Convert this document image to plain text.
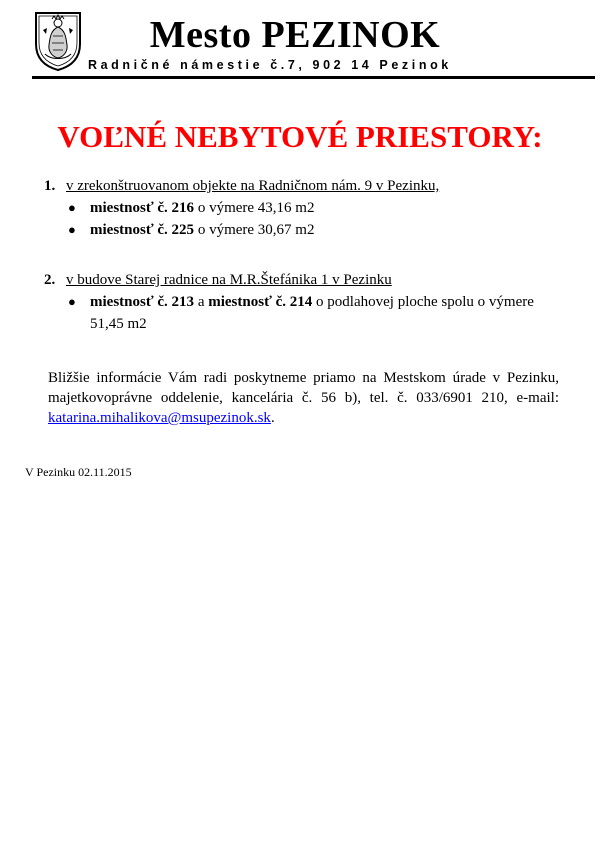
Mesto PEZINOK
Radničné námestie č.7, 902 14 Pezinok
VOĽNÉ NEBYTOVÉ PRIESTORY:
1. v zrekonštruovanom objekte na Radničnom nám. 9 v Pezinku,
● miestnosť č. 216 o výmere 43,16 m2
● miestnosť č. 225 o výmere 30,67 m2
2. v budove Starej radnice na M.R.Štefánika 1 v Pezinku
● miestnosť č. 213 a miestnosť č. 214 o podlahovej ploche spolu o výmere 51,45 m2
Bližšie informácie Vám radi poskytneme priamo na Mestskom úrade v Pezinku, majetkovoprávne oddelenie, kancelária č. 56 b), tel. č. 033/6901 210, e-mail: katarina.mihalikova@msupezinok.sk.
V Pezinku 02.11.2015
